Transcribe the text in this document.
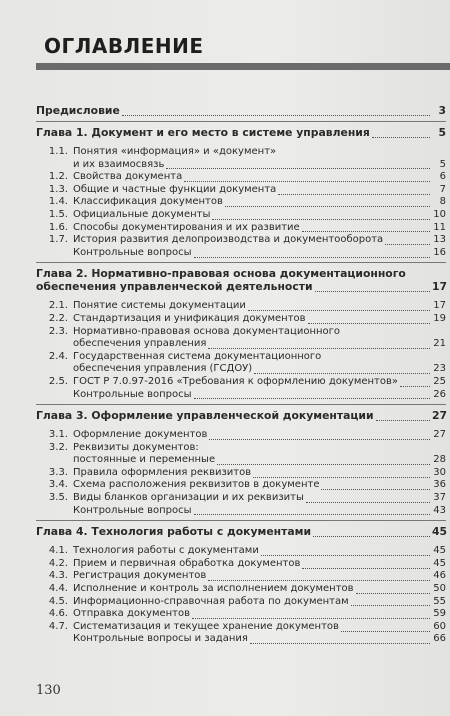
ОГЛАВЛЕНИЕ
Предисловие	3
Глава 1. Документ и его место в системе управления	5
1.1. Понятия «информация» и «документ»
и их взаимосвязь	5
1.2. Свойства документа	6
1.3. Общие и частные функции документа	7
1.4. Классификация документов	8
1.5. Официальные документы	10
1.6. Способы документирования и их развитие	11
1.7. История развития делопроизводства и документооборота	13
Контрольные вопросы	16
Глава 2. Нормативно-правовая основа документационного
обеспечения управленческой деятельности	17
2.1. Понятие системы документации	17
2.2. Стандартизация и унификация документов	19
2.3. Нормативно-правовая основа документационного
обеспечения управления	21
2.4. Государственная система документационного
обеспечения управления (ГСДОУ)	23
2.5. ГОСТ Р 7.0.97-2016 «Требования к оформлению документов»	25
Контрольные вопросы	26
Глава 3. Оформление управленческой документации	27
3.1. Оформление документов	27
3.2. Реквизиты документов:
постоянные и переменные	28
3.3. Правила оформления реквизитов	30
3.4. Схема расположения реквизитов в документе	36
3.5. Виды бланков организации и их реквизиты	37
Контрольные вопросы	43
Глава 4. Технология работы с документами	45
4.1. Технология работы с документами	45
4.2. Прием и первичная обработка документов	45
4.3. Регистрация документов	46
4.4. Исполнение и контроль за исполнением документов	50
4.5. Информационно-справочная работа по документам	55
4.6. Отправка документов	59
4.7. Систематизация и текущее хранение документов	60
Контрольные вопросы и задания	66
130
